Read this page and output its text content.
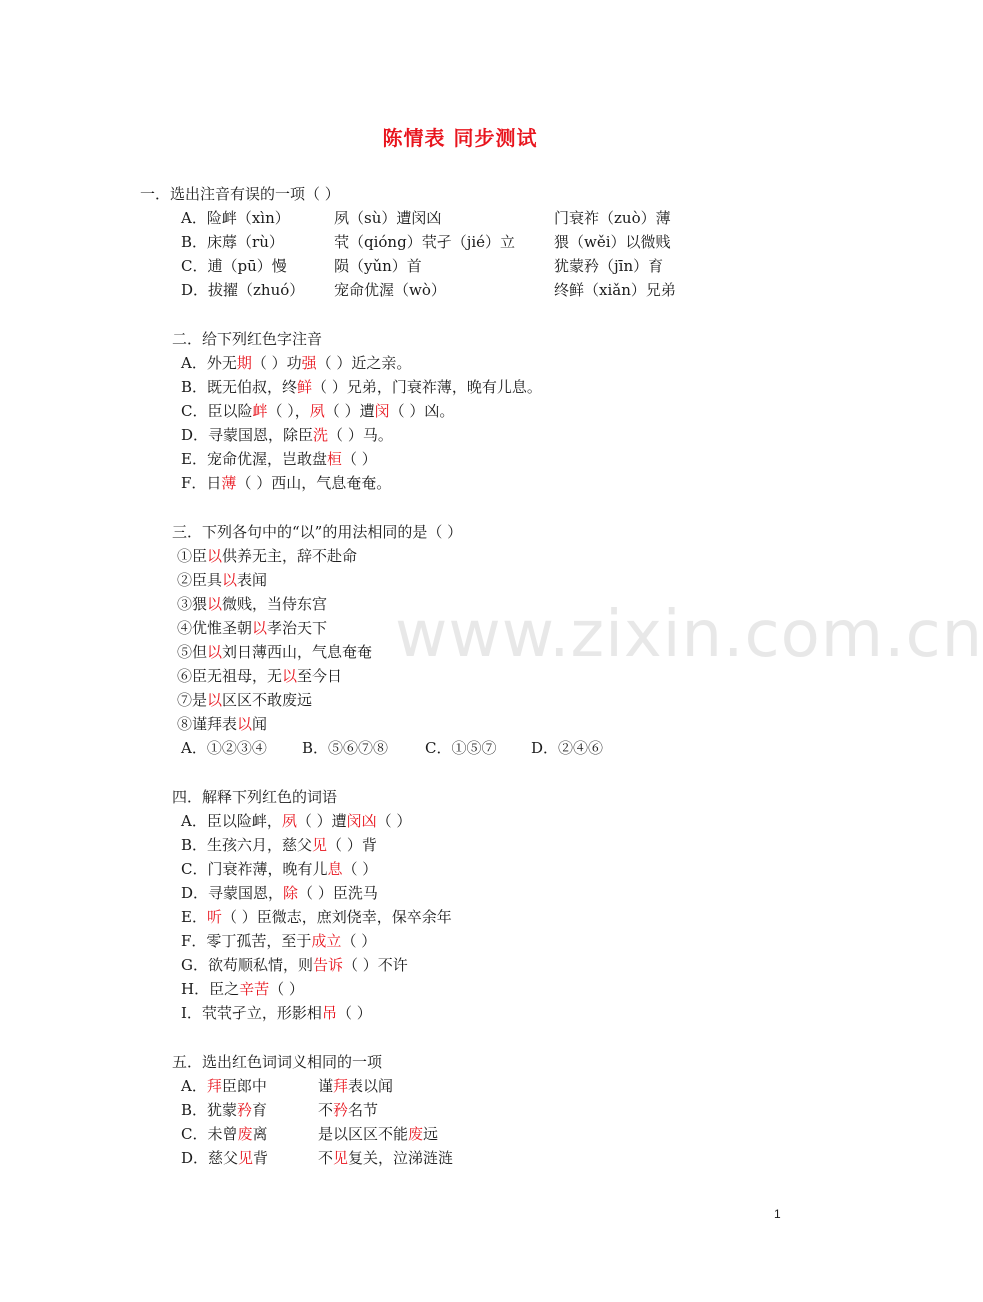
陈情表 同步测试
www.zixin.com.cn
一．选出注音有误的一项（ ）
A．险衅（xìn）	夙（sù）遭闵凶	门衰祚（zuò）薄
B．床蓐（rù）	茕（qióng）茕孑（jié）立	猥（wěi）以微贱
C．逋（pū）慢	陨（yǔn）首	犹蒙矜（jīn）育
D．拔擢（zhuó） 宠命优渥（wò）	终鲜（xiǎn）兄弟
二．给下列红色字注音
A．外无期（ ）功强（ ）近之亲。
B．既无伯叔，终鲜（ ）兄弟，门衰祚薄，晚有儿息。
C．臣以险衅（ ），夙（ ）遭闵（ ）凶。
D．寻蒙国恩，除臣洗（ ）马。
E．宠命优渥，岂敢盘桓（ ）
F．日薄（ ）西山，气息奄奄。
三．下列各句中的“以”的用法相同的是（ ）
①臣以供养无主，辞不赴命
②臣具以表闻
③猥以微贱，当侍东宫
④优惟圣朝以孝治天下
⑤但以刘日薄西山，气息奄奄
⑥臣无祖母，无以至今日
⑦是以区区不敢废远
⑧谨拜表以闻
A．①②③④ B．⑤⑥⑦⑧ C．①⑤⑦ D．②④⑥
四．解释下列红色的词语
A．臣以险衅，夙（ ）遭闵凶（ ）
B．生孩六月，慈父见（ ）背
C．门衰祚薄，晚有儿息（ ）
D．寻蒙国恩，除（ ）臣洗马
E．听（ ）臣微志，庶刘侥幸，保卒余年
F．零丁孤苦，至于成立（ ）
G．欲苟顺私情，则告诉（ ）不许
H．臣之辛苦（ ）
I．茕茕孑立，形影相吊（ ）
五．选出红色词词义相同的一项
A．拜臣郎中	谨拜表以闻
B．犹蒙矜育	不矜名节
C．未曾废离	是以区区不能废远
D．慈父见背	不见复关，泣涕涟涟
1
